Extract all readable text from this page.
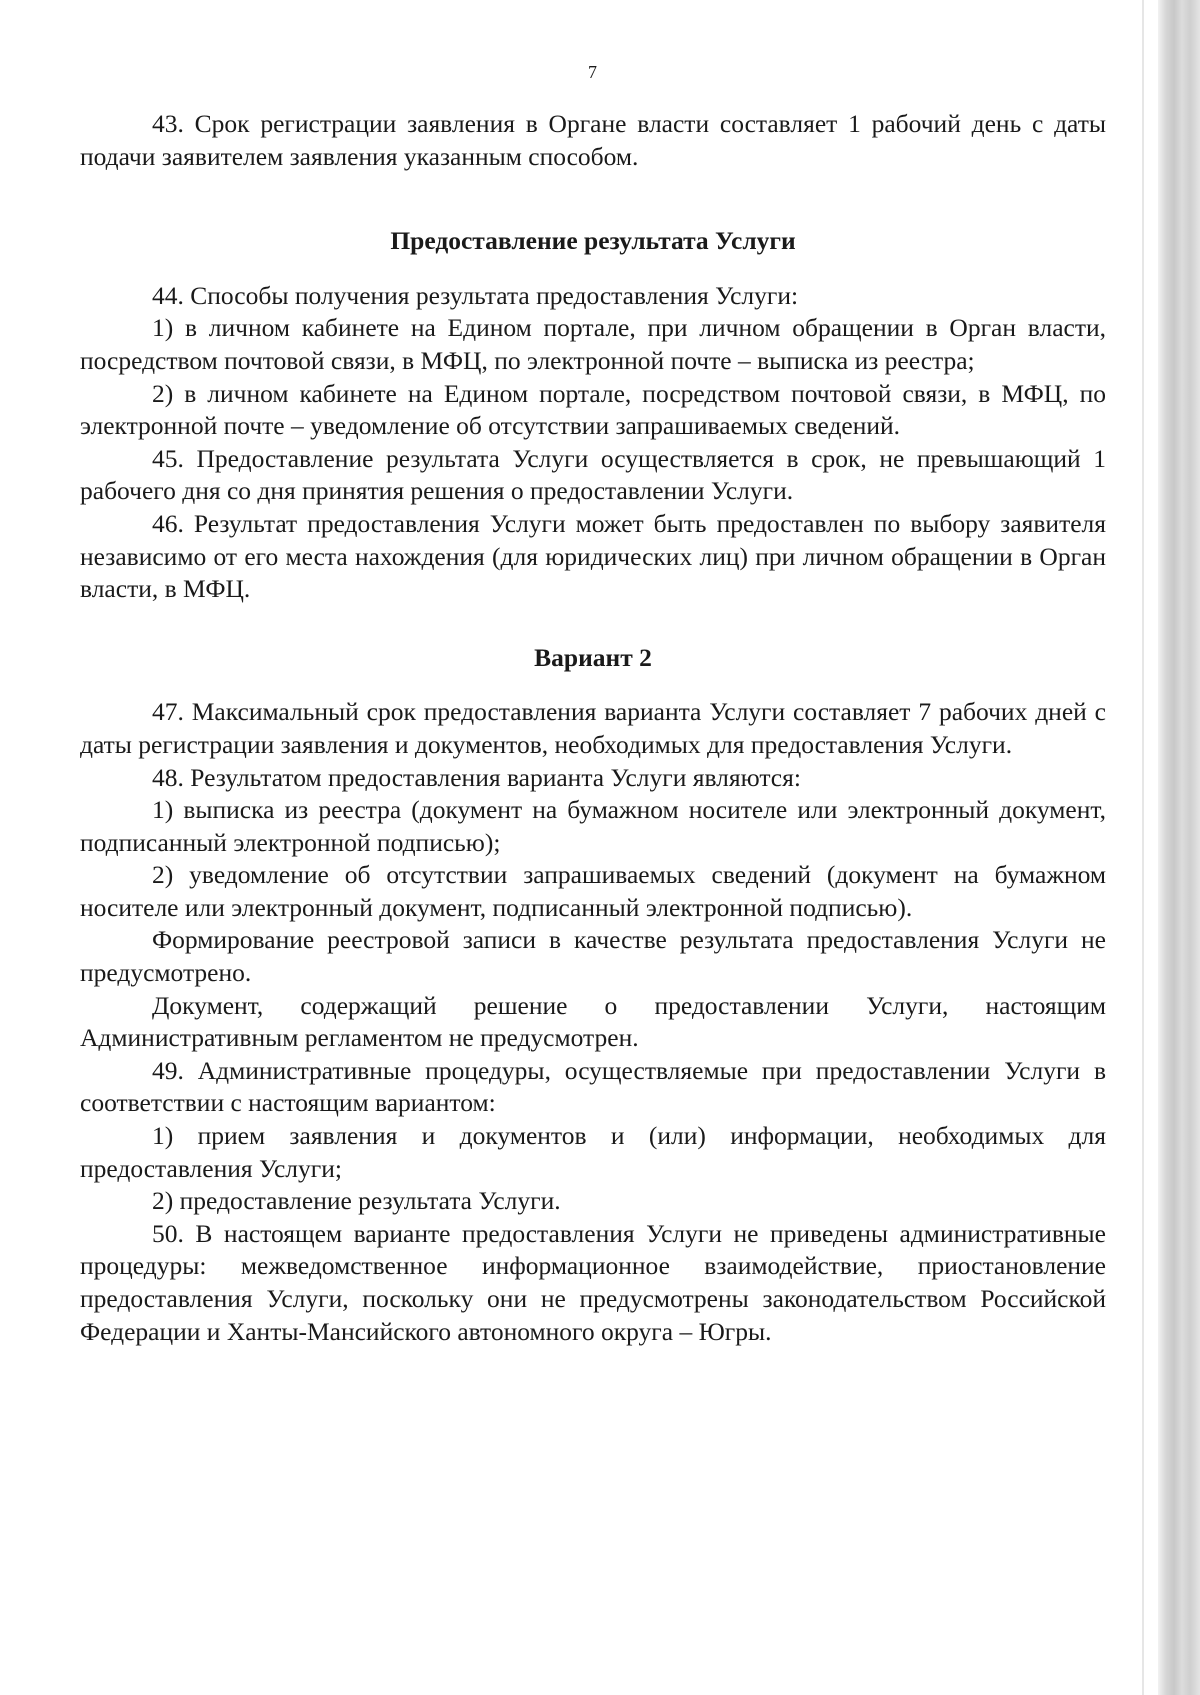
7

43. Срок регистрации заявления в Органе власти составляет 1 рабочий день с даты подачи заявителем заявления указанным способом.

Предоставление результата Услуги

44. Способы получения результата предоставления Услуги:

1) в личном кабинете на Едином портале, при личном обращении в Орган власти, посредством почтовой связи, в МФЦ, по электронной почте – выписка из реестра;

2) в личном кабинете на Едином портале, посредством почтовой связи, в МФЦ, по электронной почте – уведомление об отсутствии запрашиваемых сведений.

45. Предоставление результата Услуги осуществляется в срок, не превышающий 1 рабочего дня со дня принятия решения о предоставлении Услуги.

46. Результат предоставления Услуги может быть предоставлен по выбору заявителя независимо от его места нахождения (для юридических лиц) при личном обращении в Орган власти, в МФЦ.

Вариант 2

47. Максимальный срок предоставления варианта Услуги составляет 7 рабочих дней с даты регистрации заявления и документов, необходимых для предоставления Услуги.

48. Результатом предоставления варианта Услуги являются:

1) выписка из реестра (документ на бумажном носителе или электронный документ, подписанный электронной подписью);

2) уведомление об отсутствии запрашиваемых сведений (документ на бумажном носителе или электронный документ, подписанный электронной подписью).

Формирование реестровой записи в качестве результата предоставления Услуги не предусмотрено.

Документ, содержащий решение о предоставлении Услуги, настоящим Административным регламентом не предусмотрен.

49. Административные процедуры, осуществляемые при предоставлении Услуги в соответствии с настоящим вариантом:

1) прием заявления и документов и (или) информации, необходимых для предоставления Услуги;

2) предоставление результата Услуги.

50. В настоящем варианте предоставления Услуги не приведены административные процедуры: межведомственное информационное взаимодействие, приостановление предоставления Услуги, поскольку они не предусмотрены законодательством Российской Федерации и Ханты-Мансийского автономного округа – Югры.
